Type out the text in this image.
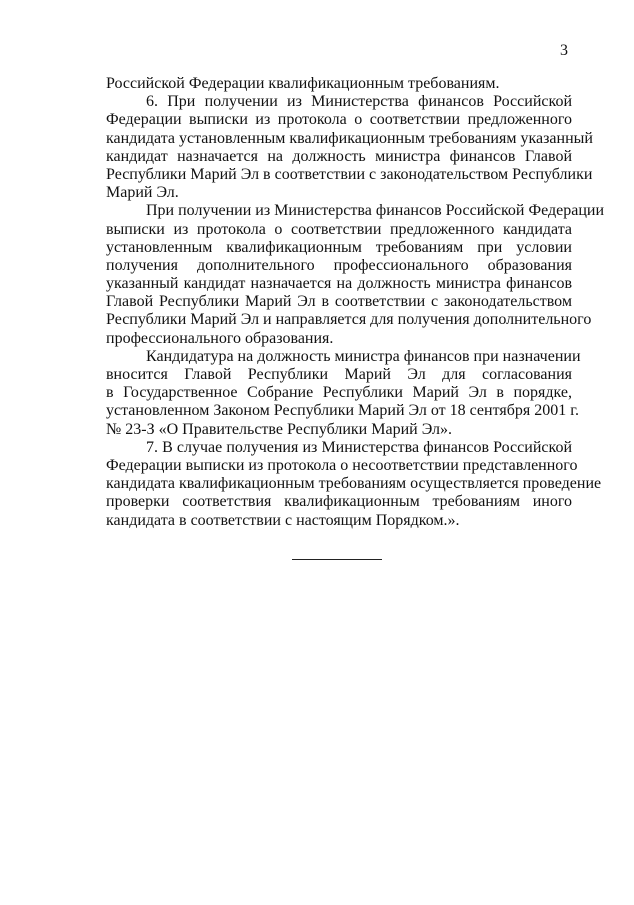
3
Российской Федерации квалификационным требованиям.
6. При получении из Министерства финансов Российской
Федерации выписки из протокола о соответствии предложенного
кандидата установленным квалификационным требованиям указанный
кандидат назначается на должность министра финансов Главой
Республики Марий Эл в соответствии с законодательством Республики
Марий Эл.
При получении из Министерства финансов Российской Федерации
выписки из протокола о соответствии предложенного кандидата
установленным квалификационным требованиям при условии
получения дополнительного профессионального образования
указанный кандидат назначается на должность министра финансов
Главой Республики Марий Эл в соответствии с законодательством
Республики Марий Эл и направляется для получения дополнительного
профессионального образования.
Кандидатура на должность министра финансов при назначении
вносится Главой Республики Марий Эл для согласования
в Государственное Собрание Республики Марий Эл в порядке,
установленном Законом Республики Марий Эл от 18 сентября 2001 г.
№ 23-З «О Правительстве Республики Марий Эл».
7. В случае получения из Министерства финансов Российской
Федерации выписки из протокола о несоответствии представленного
кандидата квалификационным требованиям осуществляется проведение
проверки соответствия квалификационным требованиям иного
кандидата в соответствии с настоящим Порядком.».
